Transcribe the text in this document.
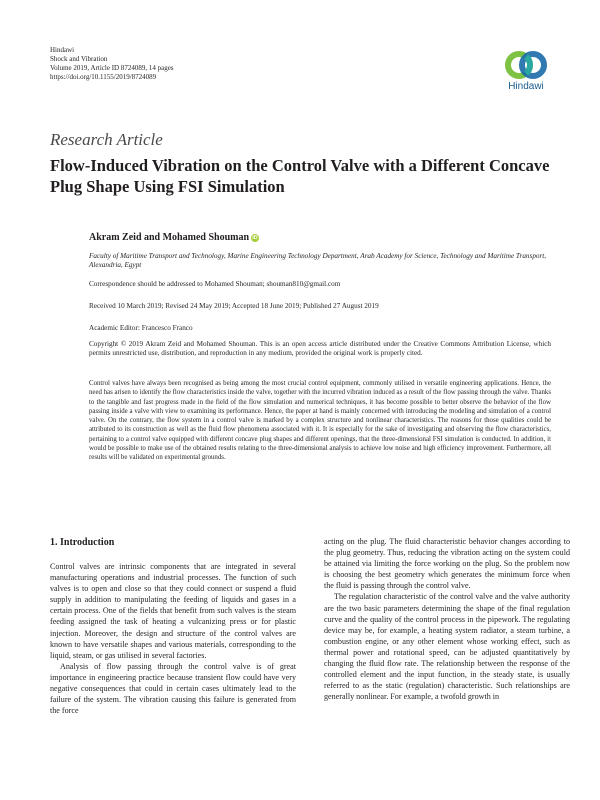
Hindawi
Shock and Vibration
Volume 2019, Article ID 8724089, 14 pages
https://doi.org/10.1155/2019/8724089
Hindawi
Research Article
Flow-Induced Vibration on the Control Valve with a Different Concave Plug Shape Using FSI Simulation
Akram Zeid and Mohamed Shouman iD
Faculty of Maritime Transport and Technology, Marine Engineering Technology Department, Arab Academy for Science, Technology and Maritime Transport, Alexandria, Egypt
Correspondence should be addressed to Mohamed Shouman; shouman810@gmail.com
Received 10 March 2019; Revised 24 May 2019; Accepted 18 June 2019; Published 27 August 2019
Academic Editor: Francesco Franco
Copyright © 2019 Akram Zeid and Mohamed Shouman. This is an open access article distributed under the Creative Commons Attribution License, which permits unrestricted use, distribution, and reproduction in any medium, provided the original work is properly cited.
Control valves have always been recognised as being among the most crucial control equipment, commonly utilised in versatile engineering applications. Hence, the need has arisen to identify the flow characteristics inside the valve, together with the incurred vibration induced as a result of the flow passing through the valve. Thanks to the tangible and fast progress made in the field of the flow simulation and numerical techniques, it has become possible to better observe the behavior of the flow passing inside a valve with view to examining its performance. Hence, the paper at hand is mainly concerned with introducing the modeling and simulation of a control valve. On the contrary, the flow system in a control valve is marked by a complex structure and nonlinear characteristics. The reasons for those qualities could be attributed to its construction as well as the fluid flow phenomena associated with it. It is especially for the sake of investigating and observing the flow characteristics, pertaining to a control valve equipped with different concave plug shapes and different openings, that the three-dimensional FSI simulation is conducted. In addition, it would be possible to make use of the obtained results relating to the three-dimensional analysis to achieve low noise and high efficiency improvement. Furthermore, all results will be validated on experimental grounds.
1. Introduction

Control valves are intrinsic components that are integrated in several manufacturing operations and industrial processes. The function of such valves is to open and close so that they could connect or suspend a fluid supply in addition to manipulating the feeding of liquids and gases in a certain process. One of the fields that benefit from such valves is the steam feeding assigned the task of heating a vulcanizing press or for plastic injection. Moreover, the design and structure of the control valves are known to have versatile shapes and various materials, corresponding to the liquid, steam, or gas utilised in several factories.

Analysis of flow passing through the control valve is of great importance in engineering practice because transient flow could have very negative consequences that could in certain cases ultimately lead to the failure of the system. The vibration causing this failure is generated from the force

acting on the plug. The fluid characteristic behavior changes according to the plug geometry. Thus, reducing the vibration acting on the system could be attained via limiting the force working on the plug. So the problem now is choosing the best geometry which generates the minimum force when the fluid is passing through the control valve.

The regulation characteristic of the control valve and the valve authority are the two basic parameters determining the shape of the final regulation curve and the quality of the control process in the pipework. The regulating device may be, for example, a heating system radiator, a steam turbine, a combustion engine, or any other element whose working effect, such as thermal power and rotational speed, can be adjusted quantitatively by changing the fluid flow rate. The relationship between the response of the controlled element and the input function, in the steady state, is usually referred to as the static (regulation) characteristic. Such relationships are generally nonlinear. For example, a twofold growth in
